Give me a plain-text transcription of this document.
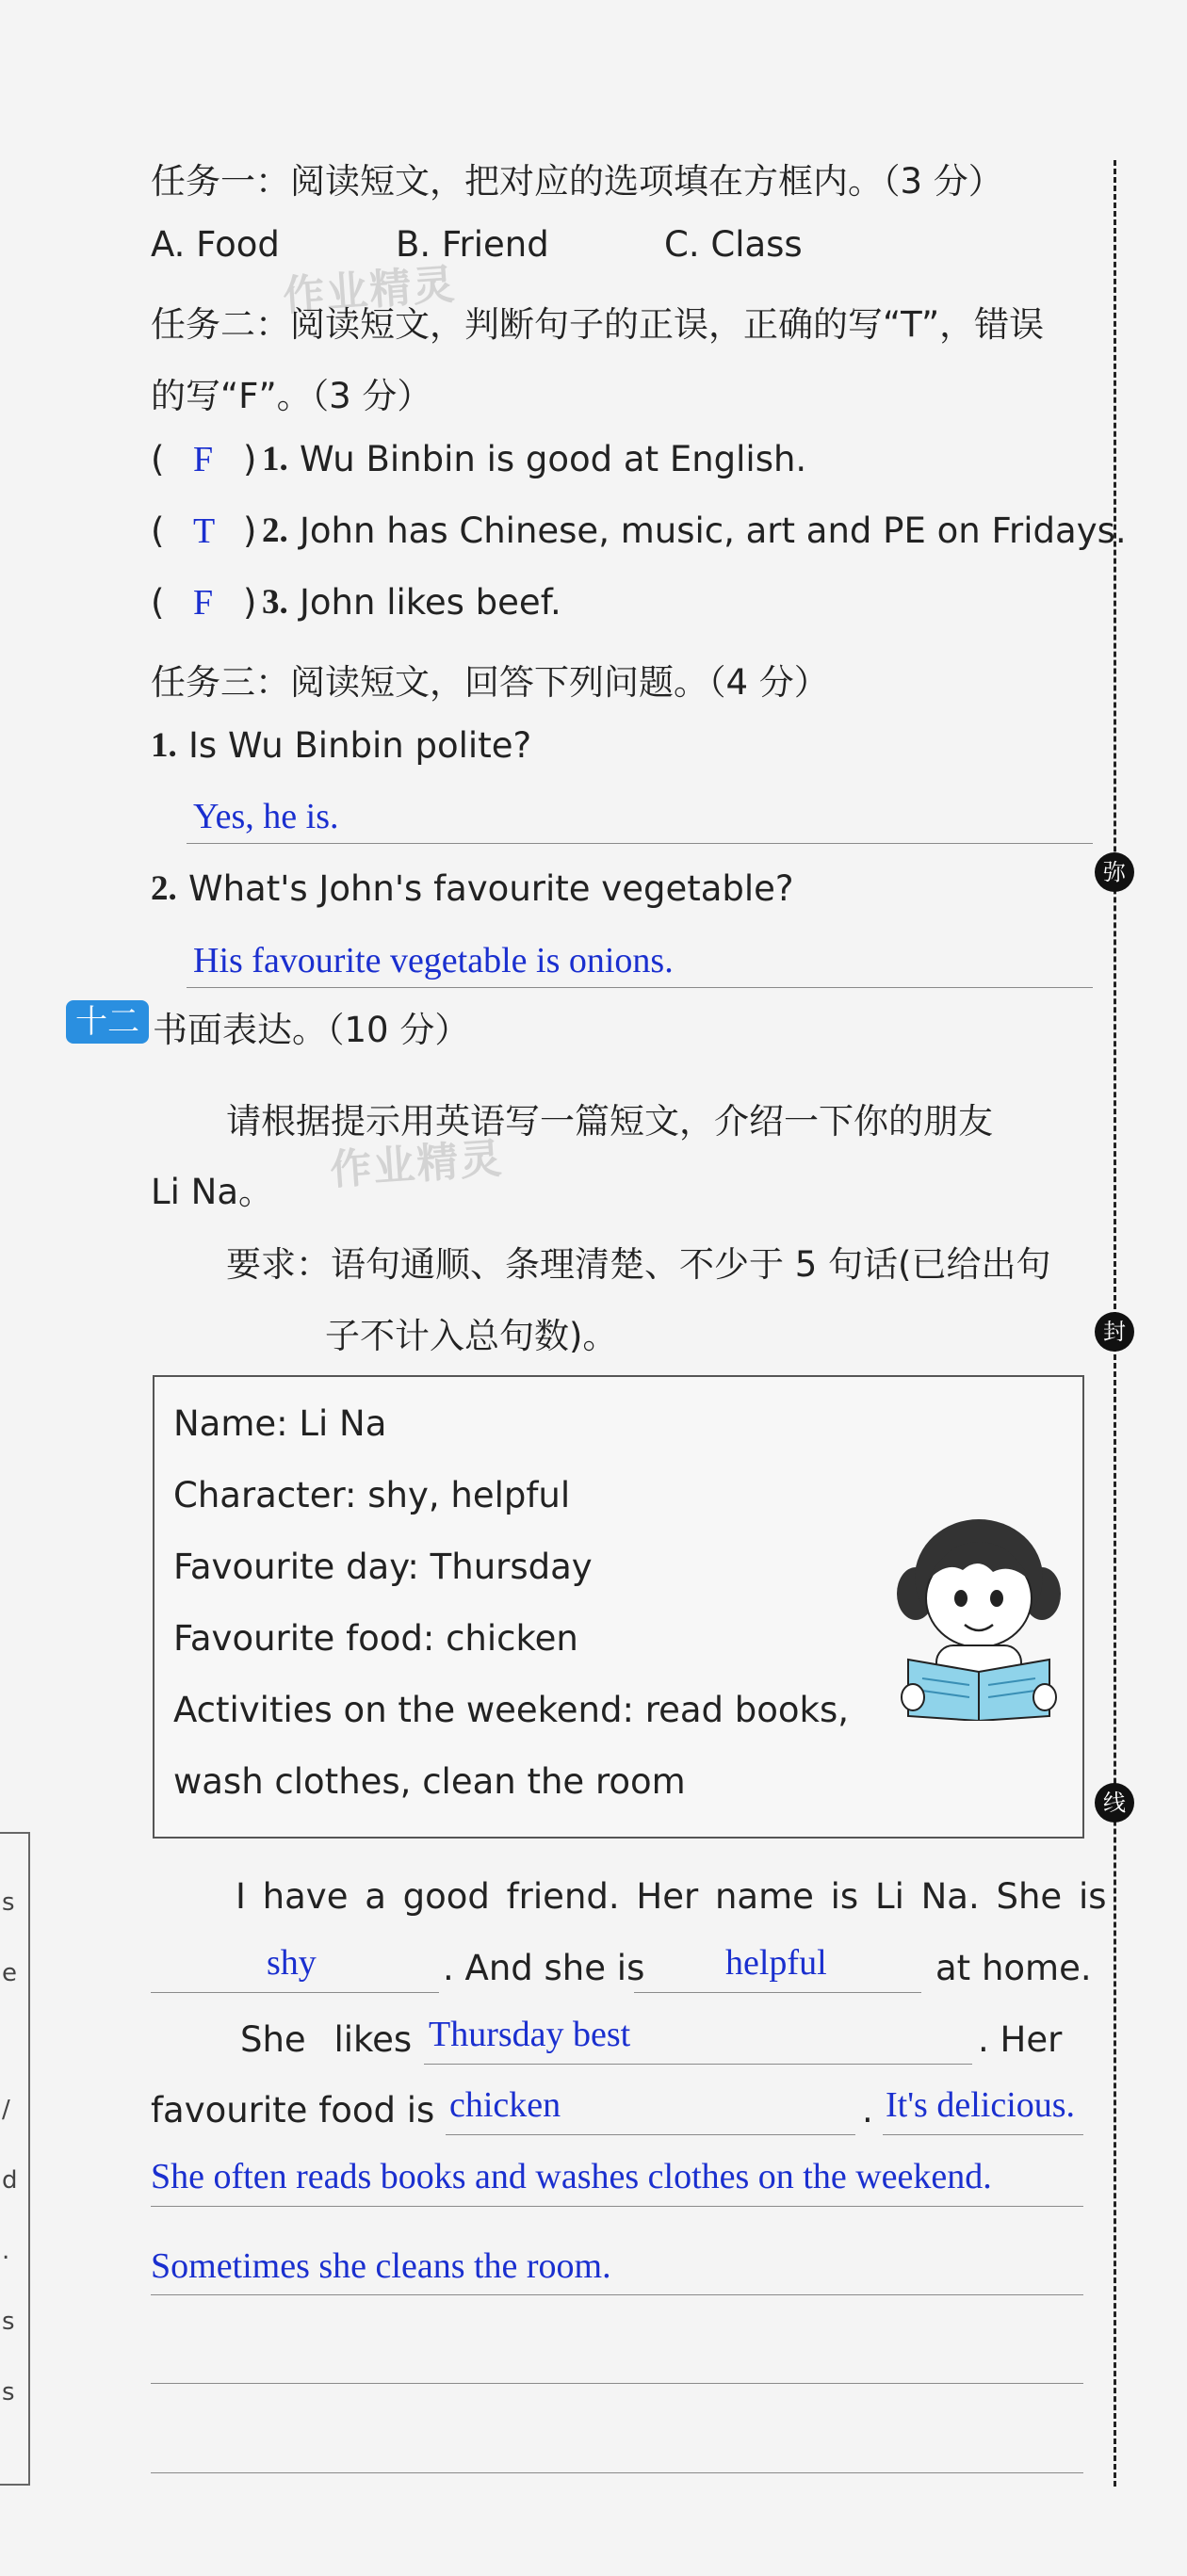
作业精灵
作业精灵
弥
封
线
s
e
/
d
.
s
s
任务一：阅读短文，把对应的选项填在方框内。（3 分）
A. Food	B. Friend	C. Class
任务二：阅读短文，判断句子的正误，正确的写“T”，错误
的写“F”。（3 分）
( F ) 1. Wu Binbin is good at English.
( T ) 2. John has Chinese, music, art and PE on Fridays.
( F ) 3. John likes beef.
任务三：阅读短文，回答下列问题。（4 分）
1. Is Wu Binbin polite?
Yes, he is.
2. What's John's favourite vegetable?
His favourite vegetable is onions.
十二 书面表达。（10 分）
请根据提示用英语写一篇短文，介绍一下你的朋友
Li Na。
要求：语句通顺、条理清楚、不少于 5 句话(已给出句
子不计入总句数)。
Name: Li Na
Character: shy, helpful
Favourite day: Thursday
Favourite food: chicken
Activities on the weekend: read books,
wash clothes, clean the room
I have a good friend. Her name is Li Na. She is
shy	. And she is helpful	at home.
She likes Thursday best	. Her
favourite food is chicken	. It's delicious.
She often reads books and washes clothes on the weekend.
Sometimes she cleans the room.
